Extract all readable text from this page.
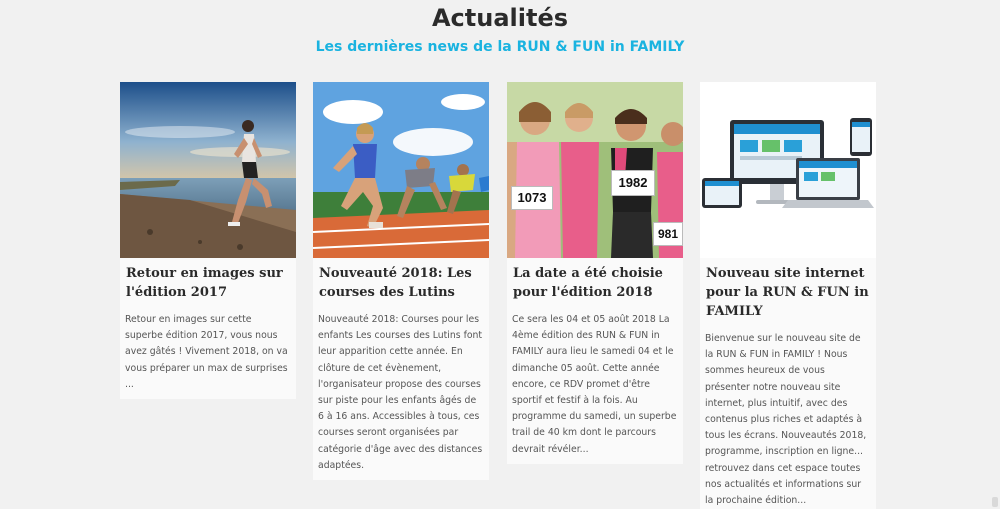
Actualités
Les dernières news de la RUN & FUN in FAMILY
Retour en images sur l'édition 2017
Retour en images sur cette superbe édition 2017, vous nous avez gâtés ! Vivement 2018, on va vous préparer un max de surprises ...
Nouveauté 2018: Les courses des Lutins
Nouveauté 2018: Courses pour les enfants Les courses des Lutins font leur apparition cette année. En clôture de cet évènement, l'organisateur propose des courses sur piste pour les enfants âgés de 6 à 16 ans. Accessibles à tous, ces courses seront organisées par catégorie d'âge avec des distances adaptées.
1073
1982
981
La date a été choisie pour l'édition 2018
Ce sera les 04 et 05 août 2018 La 4ème édition des RUN & FUN in FAMILY aura lieu le samedi 04 et le dimanche 05 août. Cette année encore, ce RDV promet d'être sportif et festif à la fois. Au programme du samedi, un superbe trail de 40 km dont le parcours devrait révéler...
Nouveau site internet pour la RUN & FUN in FAMILY
Bienvenue sur le nouveau site de la RUN & FUN in FAMILY ! Nous sommes heureux de vous présenter notre nouveau site internet, plus intuitif, avec des contenus plus riches et adaptés à tous les écrans. Nouveautés 2018, programme, inscription en ligne... retrouvez dans cet espace toutes nos actualités et informations sur la prochaine édition...
